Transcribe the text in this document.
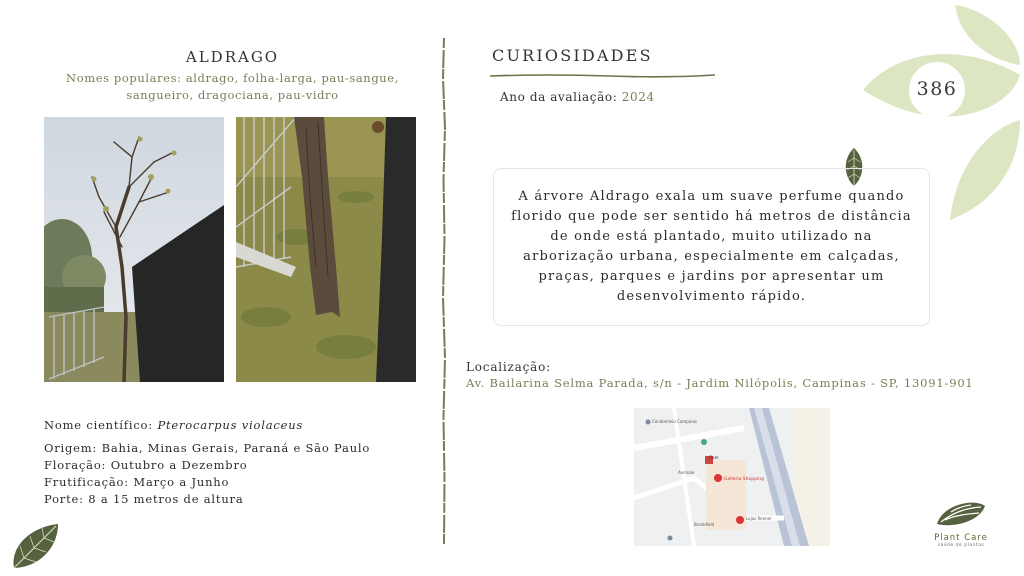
ALDRAGO
Nomes populares: aldrago, folha-larga, pau-sangue, sangueiro, dragociana, pau-vidro
Nome científico: Pterocarpus violaceus
Origem: Bahia, Minas Gerais, Paraná e São Paulo
Floração: Outubro a Dezembro
Frutificação: Março a Junho
Porte: 8 a 15 metros de altura
CURIOSIDADES
Ano da avaliação: 2024	386

A árvore Aldrago exala um suave perfume quando florido que pode ser sentido há metros de distância de onde está plantado, muito utilizado na arborização urbana, especialmente em calçadas, praças, parques e jardins por apresentar um desenvolvimento rápido.

Localização:
Av. Bailarina Selma Parada, s/n - Jardim Nilópolis, Campinas - SP, 13091-901
Condomínio Campinas
Fiam
Galleria Shopping
Animale
Lojas Renner
Brookfield
Plant Care
saúde de plantas
